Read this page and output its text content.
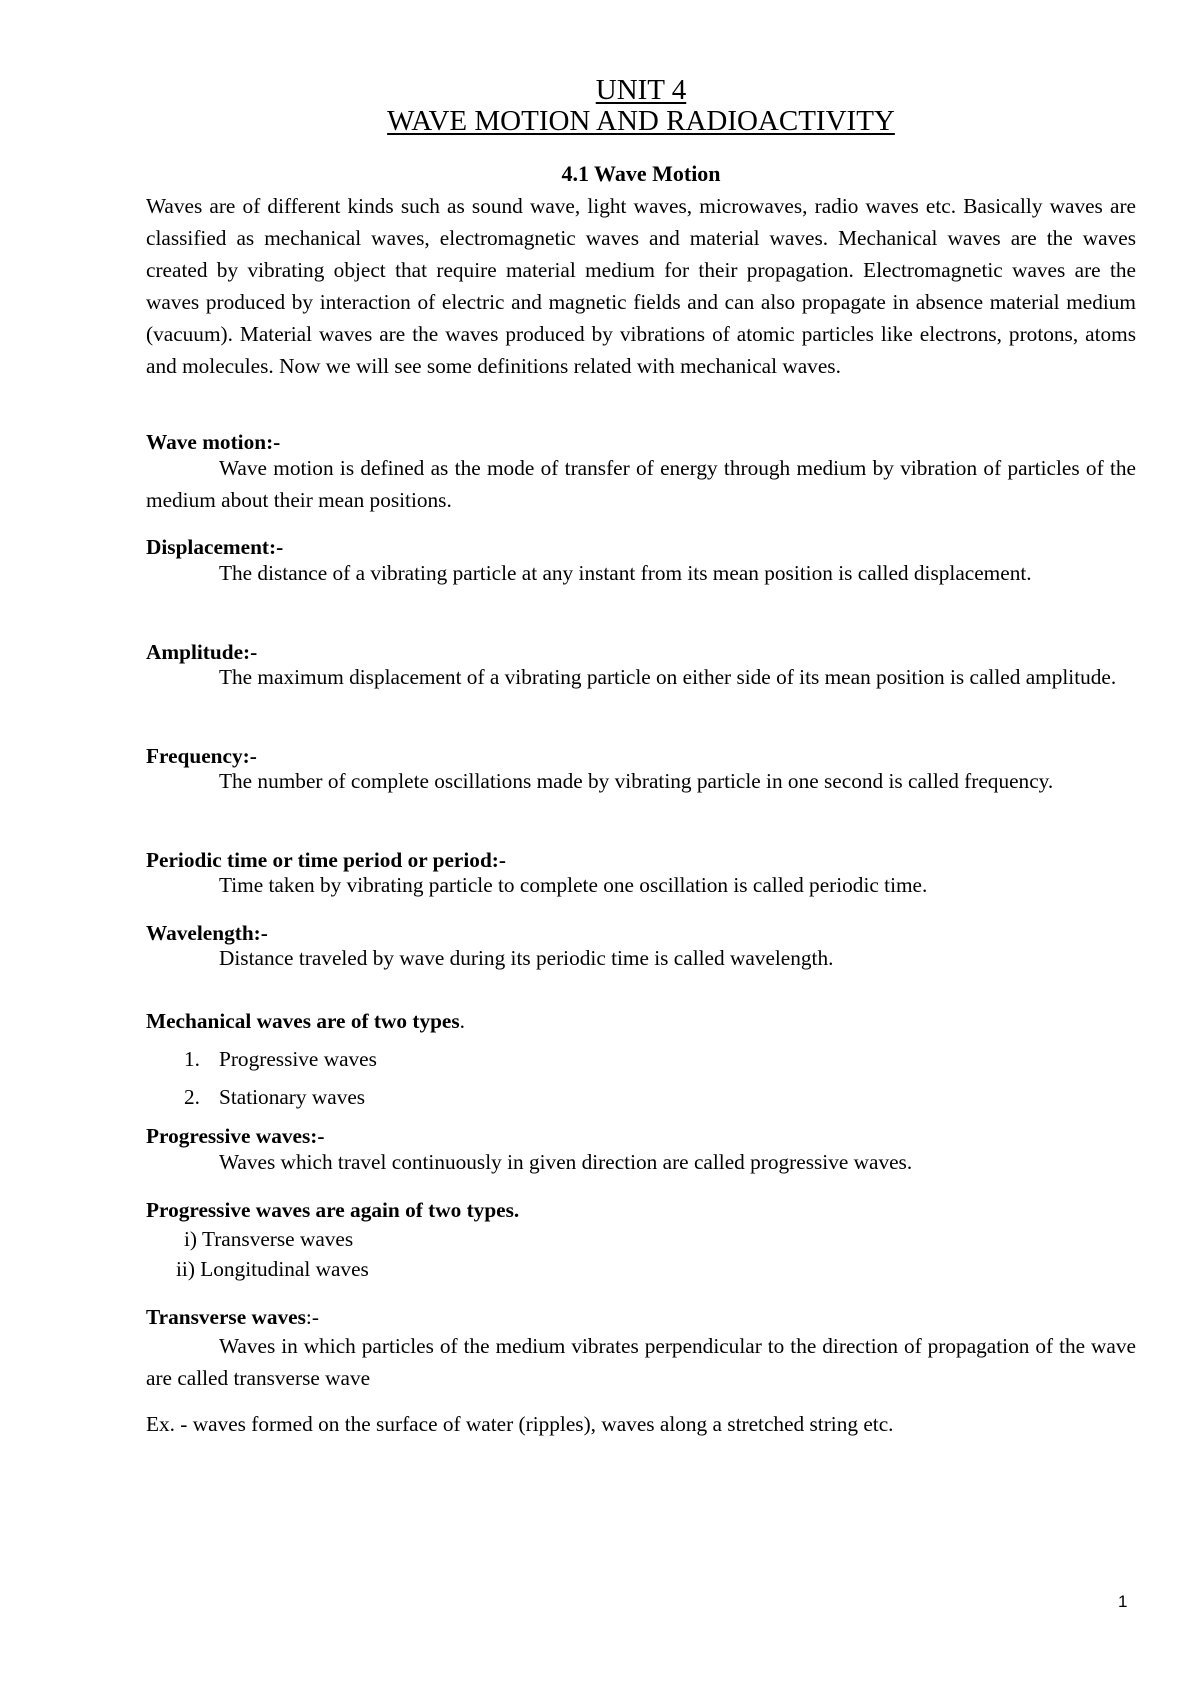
UNIT 4
WAVE MOTION AND RADIOACTIVITY
4.1 Wave Motion

Waves are of different kinds such as sound wave, light waves, microwaves, radio waves etc. Basically waves are classified as mechanical waves, electromagnetic waves and material waves. Mechanical waves are the waves created by vibrating object that require material medium for their propagation. Electromagnetic waves are the waves produced by interaction of electric and magnetic fields and can also propagate in absence material medium (vacuum). Material waves are the waves produced by vibrations of atomic particles like electrons, protons, atoms and molecules. Now we will see some definitions related with mechanical waves.

Wave motion:-

Wave motion is defined as the mode of transfer of energy through medium by vibration of particles of the medium about their mean positions.

Displacement:-

The distance of a vibrating particle at any instant from its mean position is called displacement.

Amplitude:-

The maximum displacement of a vibrating particle on either side of its mean position is called amplitude.

Frequency:-

The number of complete oscillations made by vibrating particle in one second is called frequency.

Periodic time or time period or period:-

Time taken by vibrating particle to complete one oscillation is called periodic time.

Wavelength:-

Distance traveled by wave during its periodic time is called wavelength.

Mechanical waves are of two types.
1. Progressive waves
2. Stationary waves
Progressive waves:-

Waves which travel continuously in given direction are called progressive waves.

Progressive waves are again of two types.
i) Transverse waves
ii) Longitudinal waves
Transverse waves:-

Waves in which particles of the medium vibrates perpendicular to the direction of propagation of the wave are called transverse wave

Ex. - waves formed on the surface of water (ripples), waves along a stretched string etc.

1
